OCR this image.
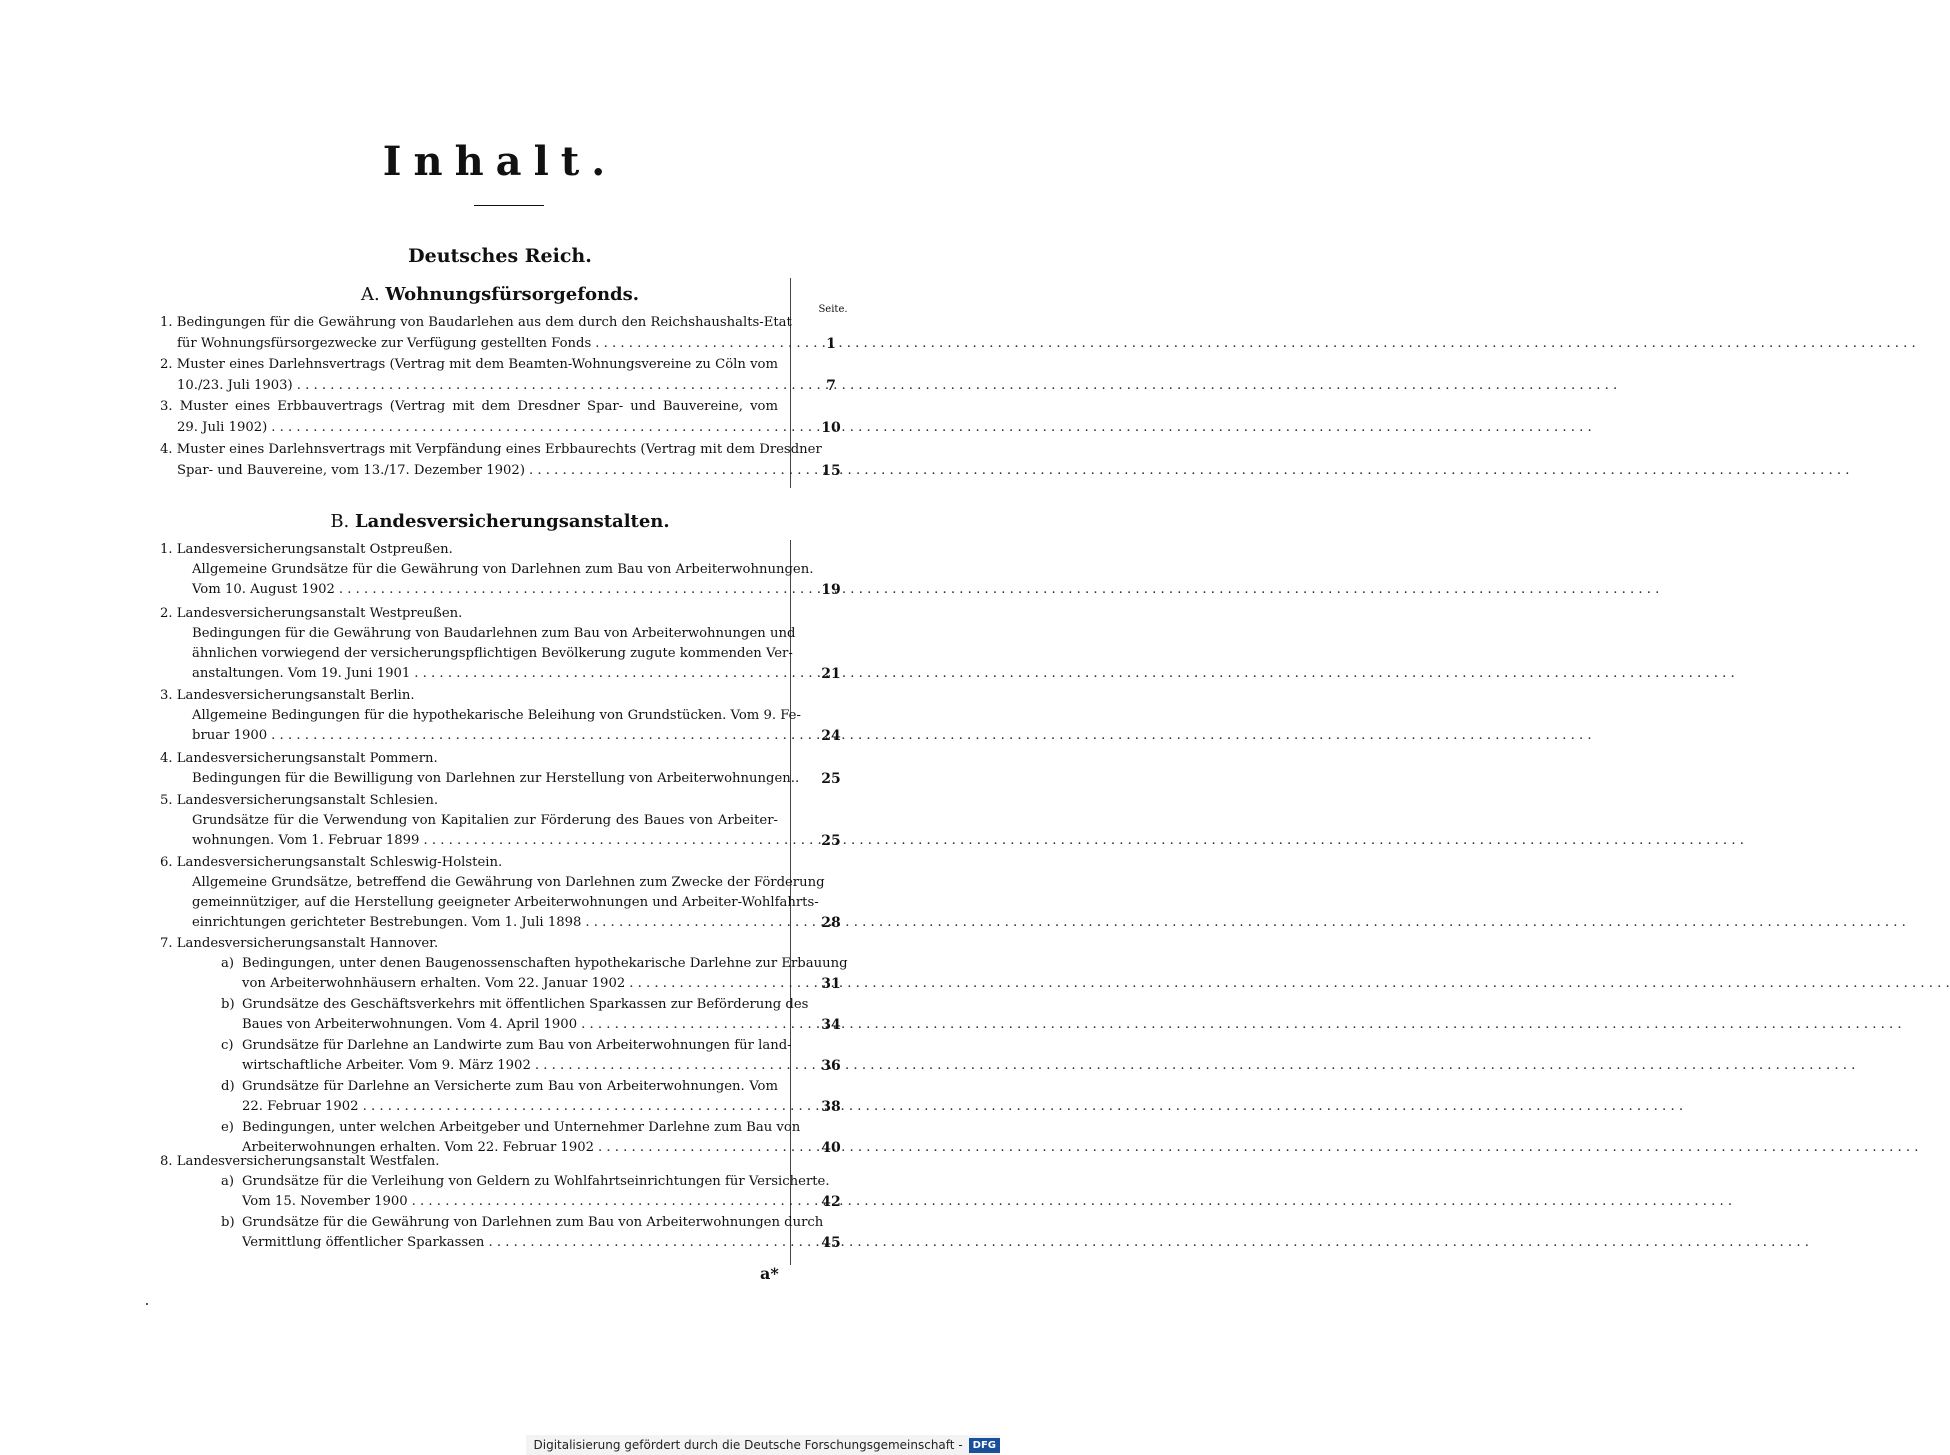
Inhalt.
Deutsches Reich.
A. Wohnungsfürsorgefonds.
Seite.
B. Landesversicherungsanstalten.
1. Bedingungen für die Gewährung von Baudarlehen aus dem durch den Reichshaushalts-Etat
für Wohnungsfürsorgezwecke zur Verfügung gestellten Fonds . . .	1
2. Muster eines Darlehnsvertrags (Vertrag mit dem Beamten-Wohnungsvereine zu Cöln vom
10./23. Juli 1903) . . .	7
3. Muster eines Erbbauvertrags (Vertrag mit dem Dresdner Spar- und Bauvereine, vom
29. Juli 1902) . . .	10
4. Muster eines Darlehnsvertrags mit Verpfändung eines Erbbaurechts (Vertrag mit dem Dresdner
Spar- und Bauvereine, vom 13./17. Dezember 1902) . . .	15
1. Landesversicherungsanstalt Ostpreußen.
Allgemeine Grundsätze für die Gewährung von Darlehnen zum Bau von Arbeiterwohnungen.
Vom 10. August 1902 . . .	19
2. Landesversicherungsanstalt Westpreußen.
Bedingungen für die Gewährung von Baudarlehnen zum Bau von Arbeiterwohnungen und
ähnlichen vorwiegend der versicherungspflichtigen Bevölkerung zugute kommenden Ver-
anstaltungen. Vom 19. Juni 1901 . . .	21
3. Landesversicherungsanstalt Berlin.
Allgemeine Bedingungen für die hypothekarische Beleihung von Grundstücken. Vom 9. Fe-
bruar 1900 . . .	24
4. Landesversicherungsanstalt Pommern.
Bedingungen für die Bewilligung von Darlehnen zur Herstellung von Arbeiterwohnungen..	25
5. Landesversicherungsanstalt Schlesien.
Grundsätze für die Verwendung von Kapitalien zur Förderung des Baues von Arbeiter-
wohnungen. Vom 1. Februar 1899 . . .	25
6. Landesversicherungsanstalt Schleswig-Holstein.
Allgemeine Grundsätze, betreffend die Gewährung von Darlehnen zum Zwecke der Förderung
gemeinnütziger, auf die Herstellung geeigneter Arbeiterwohnungen und Arbeiter-Wohlfahrts-
einrichtungen gerichteter Bestrebungen. Vom 1. Juli 1898 . . .	28
7. Landesversicherungsanstalt Hannover.
a) Bedingungen, unter denen Baugenossenschaften hypothekarische Darlehne zur Erbauung
von Arbeiterwohnhäusern erhalten. Vom 22. Januar 1902 . . .	31
b) Grundsätze des Geschäftsverkehrs mit öffentlichen Sparkassen zur Beförderung des
Baues von Arbeiterwohnungen. Vom 4. April 1900 . . .	34
c) Grundsätze für Darlehne an Landwirte zum Bau von Arbeiterwohnungen für land-
wirtschaftliche Arbeiter. Vom 9. März 1902 . . .	36
d) Grundsätze für Darlehne an Versicherte zum Bau von Arbeiterwohnungen. Vom
22. Februar 1902 . . .	38
e) Bedingungen, unter welchen Arbeitgeber und Unternehmer Darlehne zum Bau von
Arbeiterwohnungen erhalten. Vom 22. Februar 1902 . . .	40
8. Landesversicherungsanstalt Westfalen.
a) Grundsätze für die Verleihung von Geldern zu Wohlfahrtseinrichtungen für Versicherte.
Vom 15. November 1900 . . .	42
b) Grundsätze für die Gewährung von Darlehnen zum Bau von Arbeiterwohnungen durch
Vermittlung öffentlicher Sparkassen . . .	45
a*
Digitalisierung gefördert durch die Deutsche Forschungsgemeinschaft -	DFG
